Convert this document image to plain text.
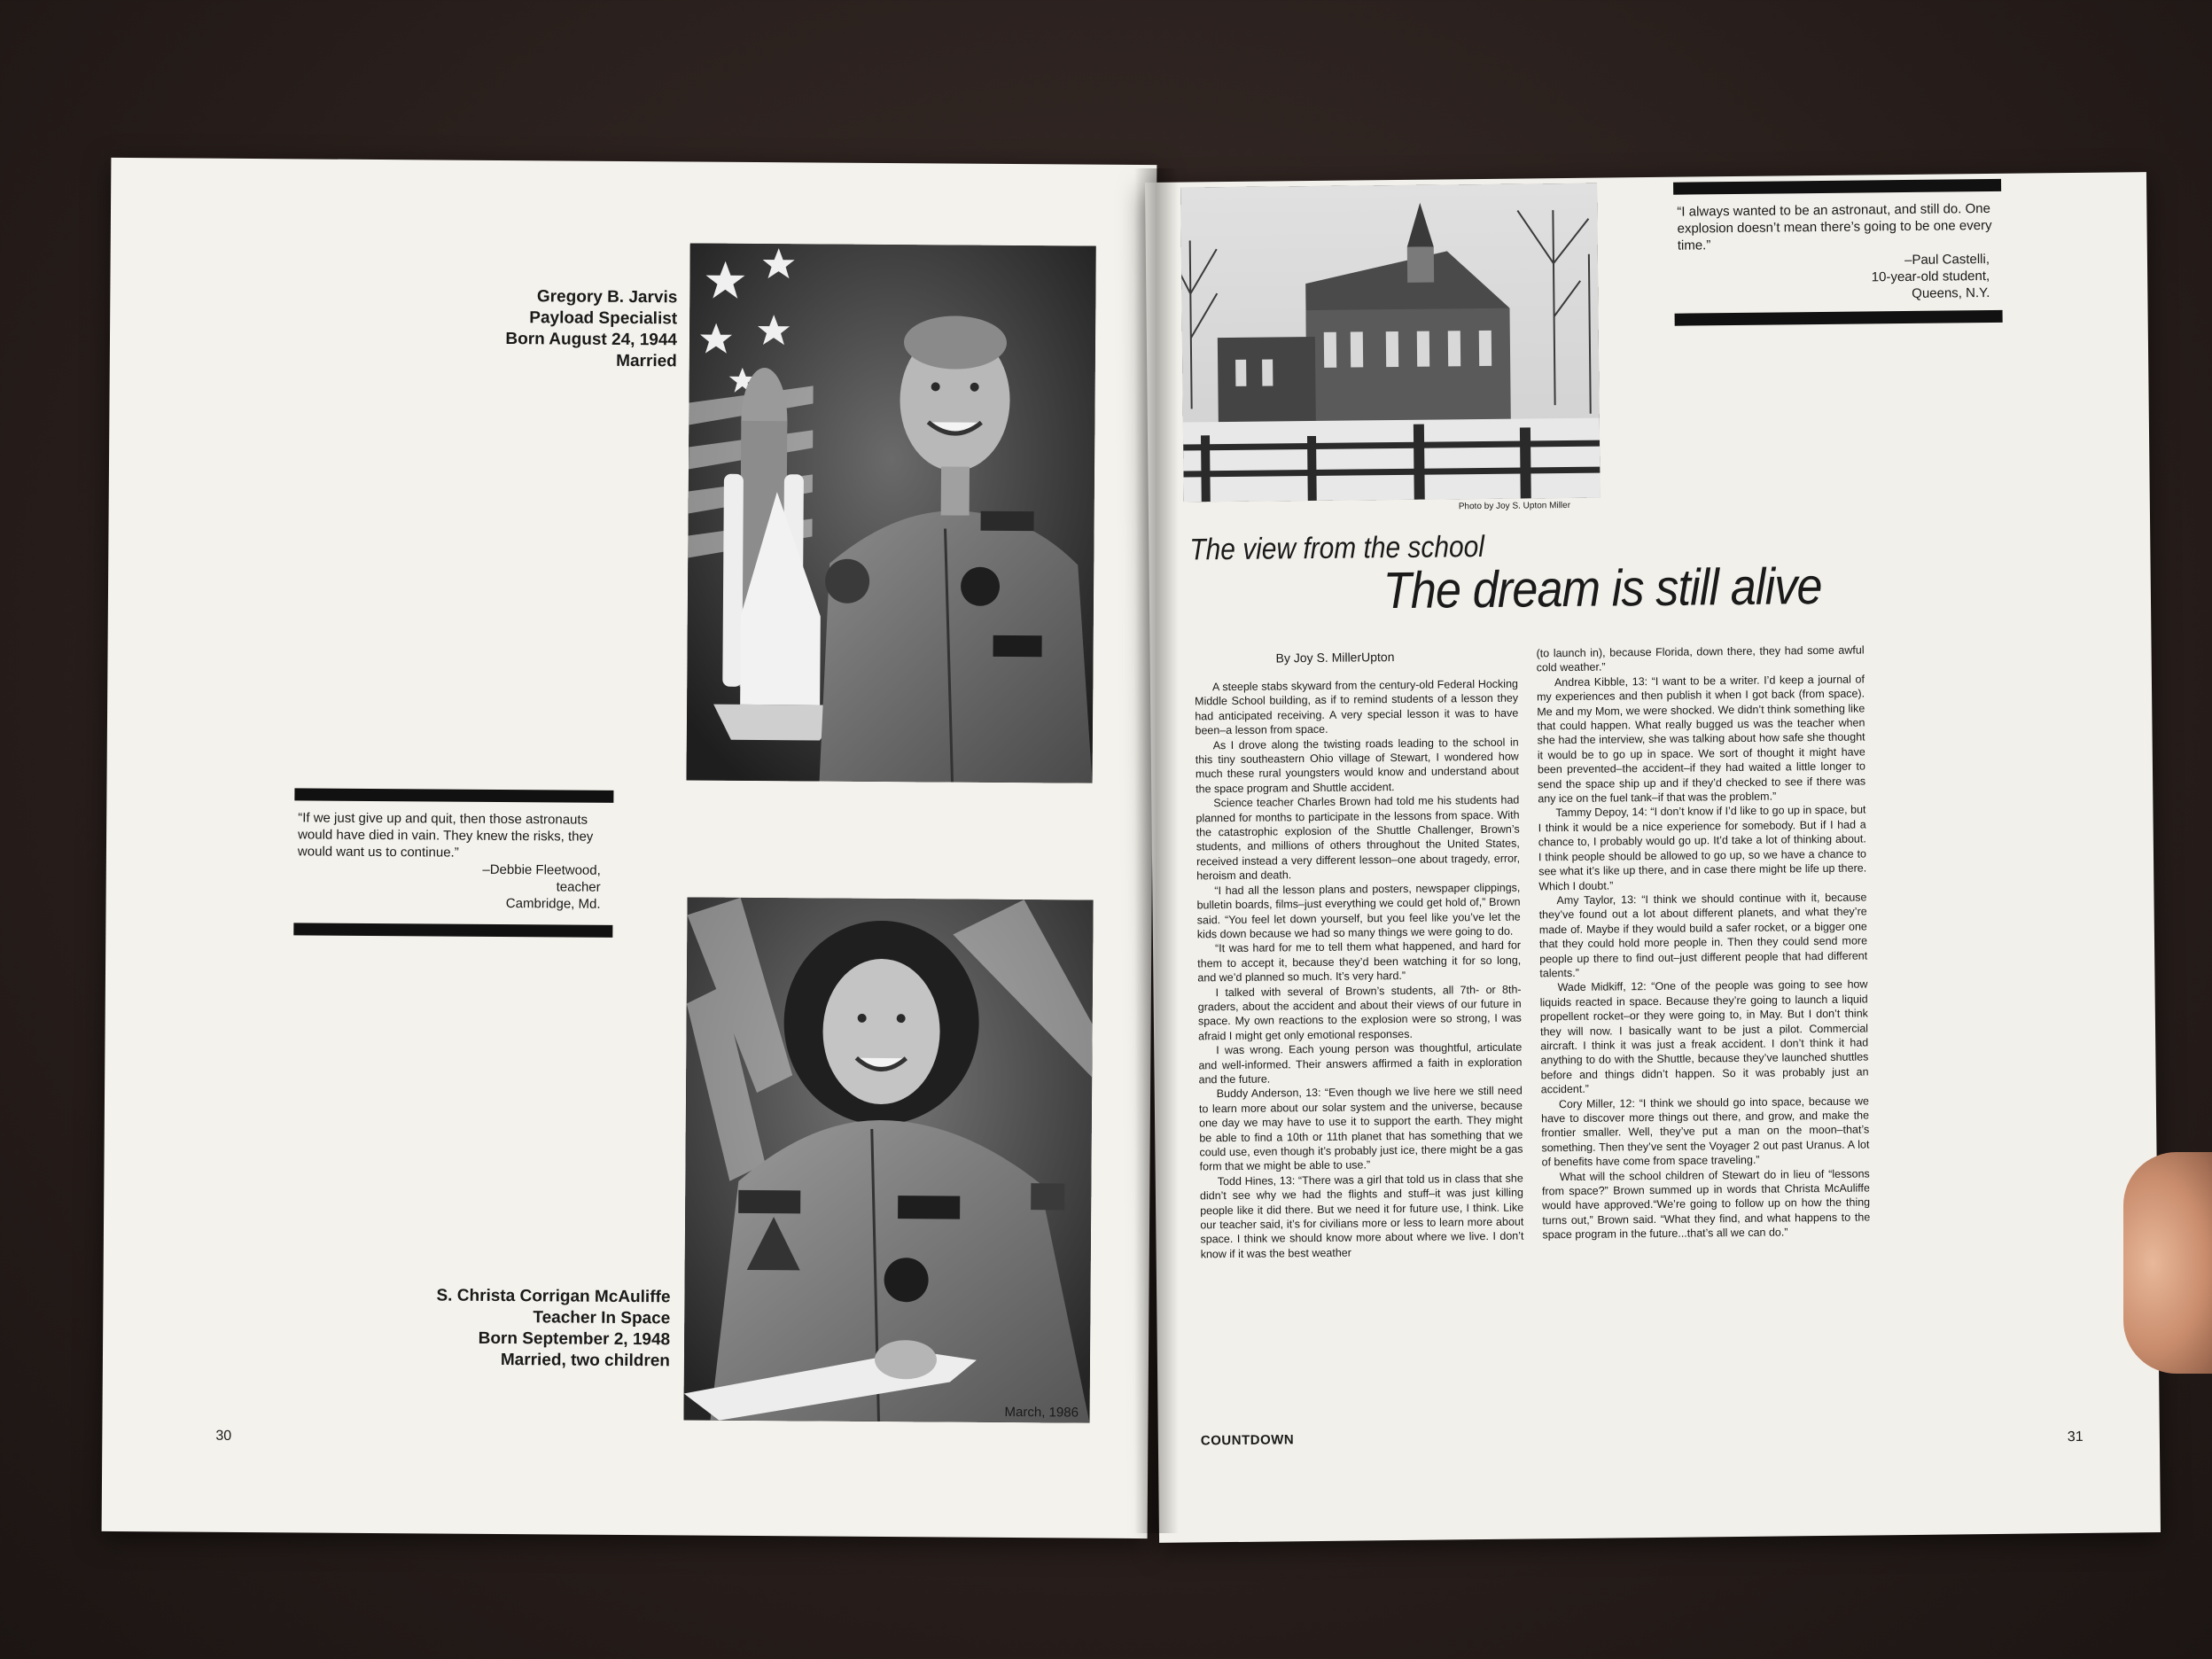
Gregory B. Jarvis
Payload Specialist
Born August 24, 1944
Married
“If we just give up and quit, then those astronauts would have died in vain. They knew the risks, they would want us to continue.”
–Debbie Fleetwood,
teacher
Cambridge, Md.
S. Christa Corrigan McAuliffe
Teacher In Space
Born September 2, 1948
Married, two children
March, 1986
30
Photo by Joy S. Upton Miller
“I always wanted to be an astronaut, and still do. One explosion doesn’t mean there’s going to be one every time.”
–Paul Castelli,
10-year-old student,
Queens, N.Y.
The view from the school
The dream is still alive
By Joy S. MillerUpton

A steeple stabs skyward from the century-old Federal Hocking Middle School building, as if to remind students of a lesson they had anticipated receiving. A very special lesson it was to have been–a lesson from space.

As I drove along the twisting roads leading to the school in this tiny southeastern Ohio village of Stewart, I wondered how much these rural youngsters would know and understand about the space program and Shuttle accident.

Science teacher Charles Brown had told me his students had planned for months to participate in the lessons from space. With the catastrophic explosion of the Shuttle Challenger, Brown’s students, and millions of others throughout the United States, received instead a very different lesson–one about tragedy, error, heroism and death.

“I had all the lesson plans and posters, newspaper clippings, bulletin boards, films–just everything we could get hold of,” Brown said. “You feel let down yourself, but you feel like you’ve let the kids down because we had so many things we were going to do.

“It was hard for me to tell them what happened, and hard for them to accept it, because they’d been watching it for so long, and we’d planned so much. It’s very hard.”

I talked with several of Brown’s students, all 7th- or 8th-graders, about the accident and about their views of our future in space. My own reactions to the explosion were so strong, I was afraid I might get only emotional responses.

I was wrong. Each young person was thoughtful, articulate and well-informed. Their answers affirmed a faith in exploration and the future.

Buddy Anderson, 13: “Even though we live here we still need to learn more about our solar system and the universe, because one day we may have to use it to support the earth. They might be able to find a 10th or 11th planet that has something that we could use, even though it’s probably just ice, there might be a gas form that we might be able to use.”

Todd Hines, 13: “There was a girl that told us in class that she didn’t see why we had the flights and stuff–it was just killing people like it did there. But we need it for future use, I think. Like our teacher said, it’s for civilians more or less to learn more about space. I think we should know more about where we live. I don’t know if it was the best weather

(to launch in), because Florida, down there, they had some awful cold weather.”

Andrea Kibble, 13: “I want to be a writer. I’d keep a journal of my experiences and then publish it when I got back (from space). Me and my Mom, we were shocked. We didn’t think something like that could happen. What really bugged us was the teacher when she had the interview, she was talking about how safe she thought it would be to go up in space. We sort of thought it might have been prevented–the accident–if they had waited a little longer to send the space ship up and if they’d checked to see if there was any ice on the fuel tank–if that was the problem.”

Tammy Depoy, 14: “I don’t know if I’d like to go up in space, but I think it would be a nice experience for somebody. But if I had a chance to, I probably would go up. It’d take a lot of thinking about. I think people should be allowed to go up, so we have a chance to see what it’s like up there, and in case there might be life up there. Which I doubt.”

Amy Taylor, 13: “I think we should continue with it, because they’ve found out a lot about different planets, and what they’re made of. Maybe if they would build a safer rocket, or a bigger one that they could hold more people in. Then they could send more people up there to find out–just different people that had different talents.”

Wade Midkiff, 12: “One of the people was going to see how liquids reacted in space. Because they’re going to launch a liquid propellent rocket–or they were going to, in May. But I don’t think they will now. I basically want to be just a pilot. Commercial aircraft. I think it was just a freak accident. I don’t think it had anything to do with the Shuttle, because they’ve launched shuttles before and things didn’t happen. So it was probably just an accident.”

Cory Miller, 12: “I think we should go into space, because we have to discover more things out there, and grow, and make the frontier smaller. Well, they’ve put a man on the moon–that’s something. Then they’ve sent the Voyager 2 out past Uranus. A lot of benefits have come from space traveling.”

What will the school children of Stewart do in lieu of “lessons from space?” Brown summed up in words that Christa McAuliffe would have approved.“We’re going to follow up on how the thing turns out,” Brown said. “What they find, and what happens to the space program in the future...that’s all we can do.”

COUNTDOWN	31
